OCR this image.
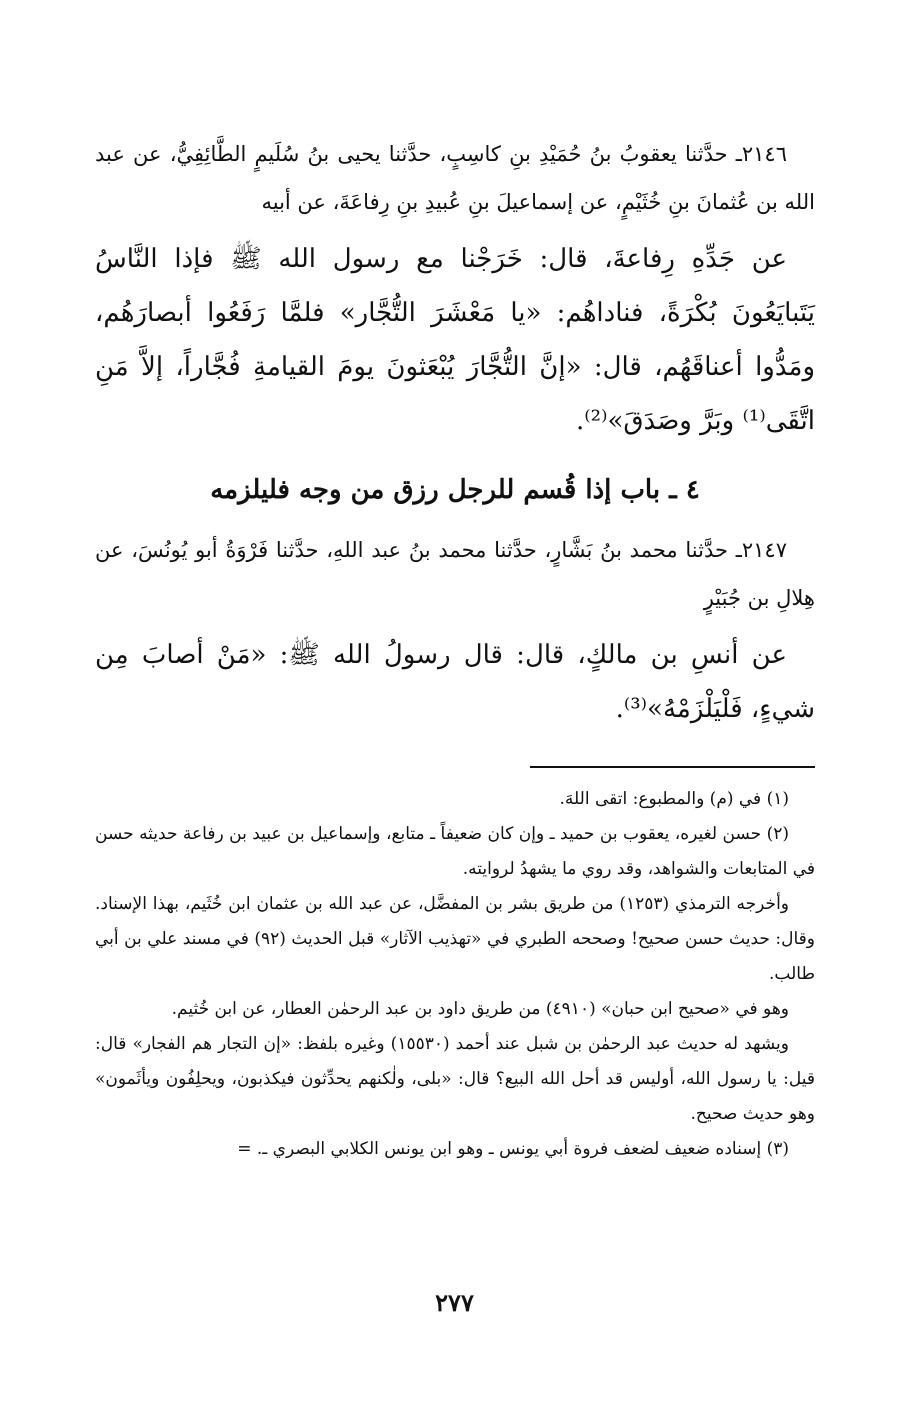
٢١٤٦ـ حدَّثنا يعقوبُ بنُ حُمَيْدِ بنِ كاسِبٍ، حدَّثنا يحيى بنُ سُلَيمٍ الطَّائِفِيُّ، عن عبد الله بن عُثمانَ بنِ خُثَيْمٍ، عن إسماعيلَ بنِ عُبيدِ بنِ رِفاعَةَ، عن أبيه

عن جَدِّهِ رِفاعةَ، قال: خَرَجْنا مع رسول الله ﷺ فإذا النَّاسُ يَتَبايَعُونَ بُكْرَةً، فناداهُم: «يا مَعْشَرَ التُّجَّار» فلمَّا رَفَعُوا أبصارَهُم، ومَدُّوا أعناقَهُم، قال: «إنَّ التُّجَّارَ يُبْعَثونَ يومَ القيامةِ فُجَّاراً، إلاَّ مَنِ اتَّقَى⁽¹⁾ وبَرَّ وصَدَقَ»⁽²⁾.

٤ ـ باب إذا قُسم للرجل رزق من وجه فليلزمه

٢١٤٧ـ حدَّثنا محمد بنُ بَشَّارٍ، حدَّثنا محمد بنُ عبد اللهِ، حدَّثنا فَرْوَةُ أبو يُونُسَ، عن هِلالِ بن جُبَيْرٍ

عن أنسِ بن مالكٍ، قال: قال رسولُ الله ﷺ: «مَنْ أصابَ مِن شيءٍ، فَلْيَلْزَمْهُ»⁽³⁾.

(١) في (م) والمطبوع: اتقى اللهَ.

(٢) حسن لغيره، يعقوب بن حميد ـ وإن كان ضعيفاً ـ متابع، وإسماعيل بن عبيد بن رفاعة حديثه حسن في المتابعات والشواهد، وقد روي ما يشهدُ لروايته.

وأخرجه الترمذي (١٢٥٣) من طريق بشر بن المفضَّل، عن عبد الله بن عثمان ابن خُثَيم، بهذا الإسناد. وقال: حديث حسن صحيح! وصححه الطبري في «تهذيب الآثار» قبل الحديث (٩٢) في مسند علي بن أبي طالب.

وهو في «صحيح ابن حبان» (٤٩١٠) من طريق داود بن عبد الرحمٰن العطار، عن ابن خُثيم.

ويشهد له حديث عبد الرحمٰن بن شبل عند أحمد (١٥٥٣٠) وغيره بلفظ: «إن التجار هم الفجار» قال: قيل: يا رسول الله، أوليس قد أحل الله البيع؟ قال: «بلى، ولٰكنهم يحدِّثون فيكذبون، ويحلِفُون ويأثَمون» وهو حديث صحيح.

(٣) إسناده ضعيف لضعف فروة أبي يونس ـ وهو ابن يونس الكلابي البصري ـ. =

٢٧٧
